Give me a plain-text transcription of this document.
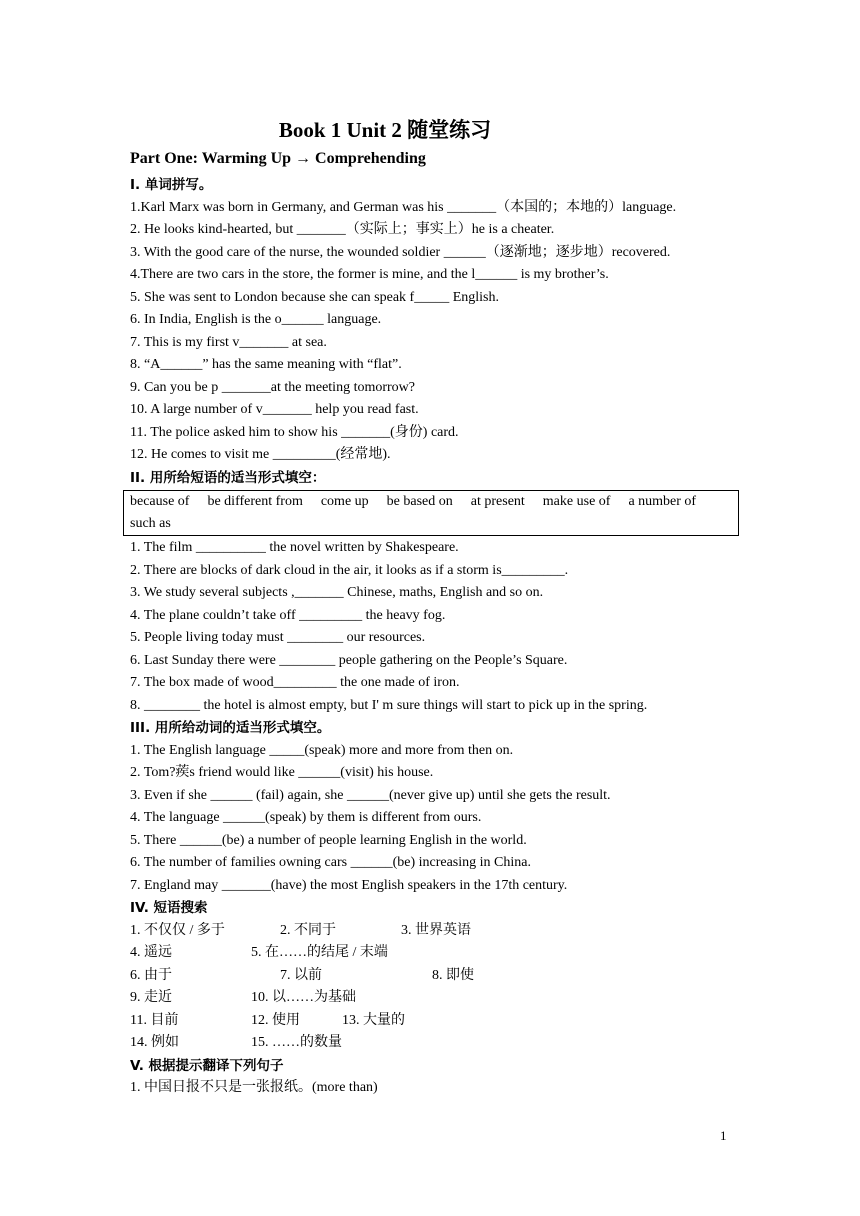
Book 1 Unit 2 随堂练习
Part One: Warming Up → Comprehending
I. 单词拼写。
1.Karl Marx was born in Germany, and German was his _______（本国的；本地的）language.
2. He looks kind-hearted, but _______（实际上；事实上）he is a cheater.
3. With the good care of the nurse, the wounded soldier ______（逐渐地；逐步地）recovered.
4.There are two cars in the store, the former is mine, and the l______ is my brother’s.
5. She was sent to London because she can speak f_____ English.
6. In India, English is the o______ language.
7. This is my first v_______ at sea.
8. “A______” has the same meaning with “flat”.
9. Can you be p _______at the meeting tomorrow?
10. A large number of v_______ help you read fast.
11. The police asked him to show his _______(身份) card.
12. He comes to visit me _________(经常地).
II. 用所给短语的适当形式填空：
because of be different from come up be based on at present make use of a number of
such as
1. The film __________ the novel written by Shakespeare.
2. There are blocks of dark cloud in the air, it looks as if a storm is_________.
3. We study several subjects ,_______ Chinese, maths, English and so on.
4. The plane couldn’t take off _________ the heavy fog.
5. People living today must ________ our resources.
6. Last Sunday there were ________ people gathering on the People’s Square.
7. The box made of wood_________ the one made of iron.
8. ________ the hotel is almost empty, but I' m sure things will start to pick up in the spring.
III. 用所给动词的适当形式填空。
1. The English language _____(speak) more and more from then on.
2. Tom?蒺s friend would like ______(visit) his house.
3. Even if she ______ (fail) again, she ______(never give up) until she gets the result.
4. The language ______(speak) by them is different from ours.
5. There ______(be) a number of people learning English in the world.
6. The number of families owning cars ______(be) increasing in China.
7. England may _______(have) the most English speakers in the 17th century.
IV. 短语搜索
1. 不仅仅 / 多于	2. 不同于	3. 世界英语
4. 遥远	5. 在……的结尾 / 末端
6. 由于	7. 以前	8. 即使
9. 走近	10. 以……为基础
11. 目前	12. 使用	13. 大量的
14. 例如	15. ……的数量
V. 根据提示翻译下列句子
1. 中国日报不只是一张报纸。(more than)
1
